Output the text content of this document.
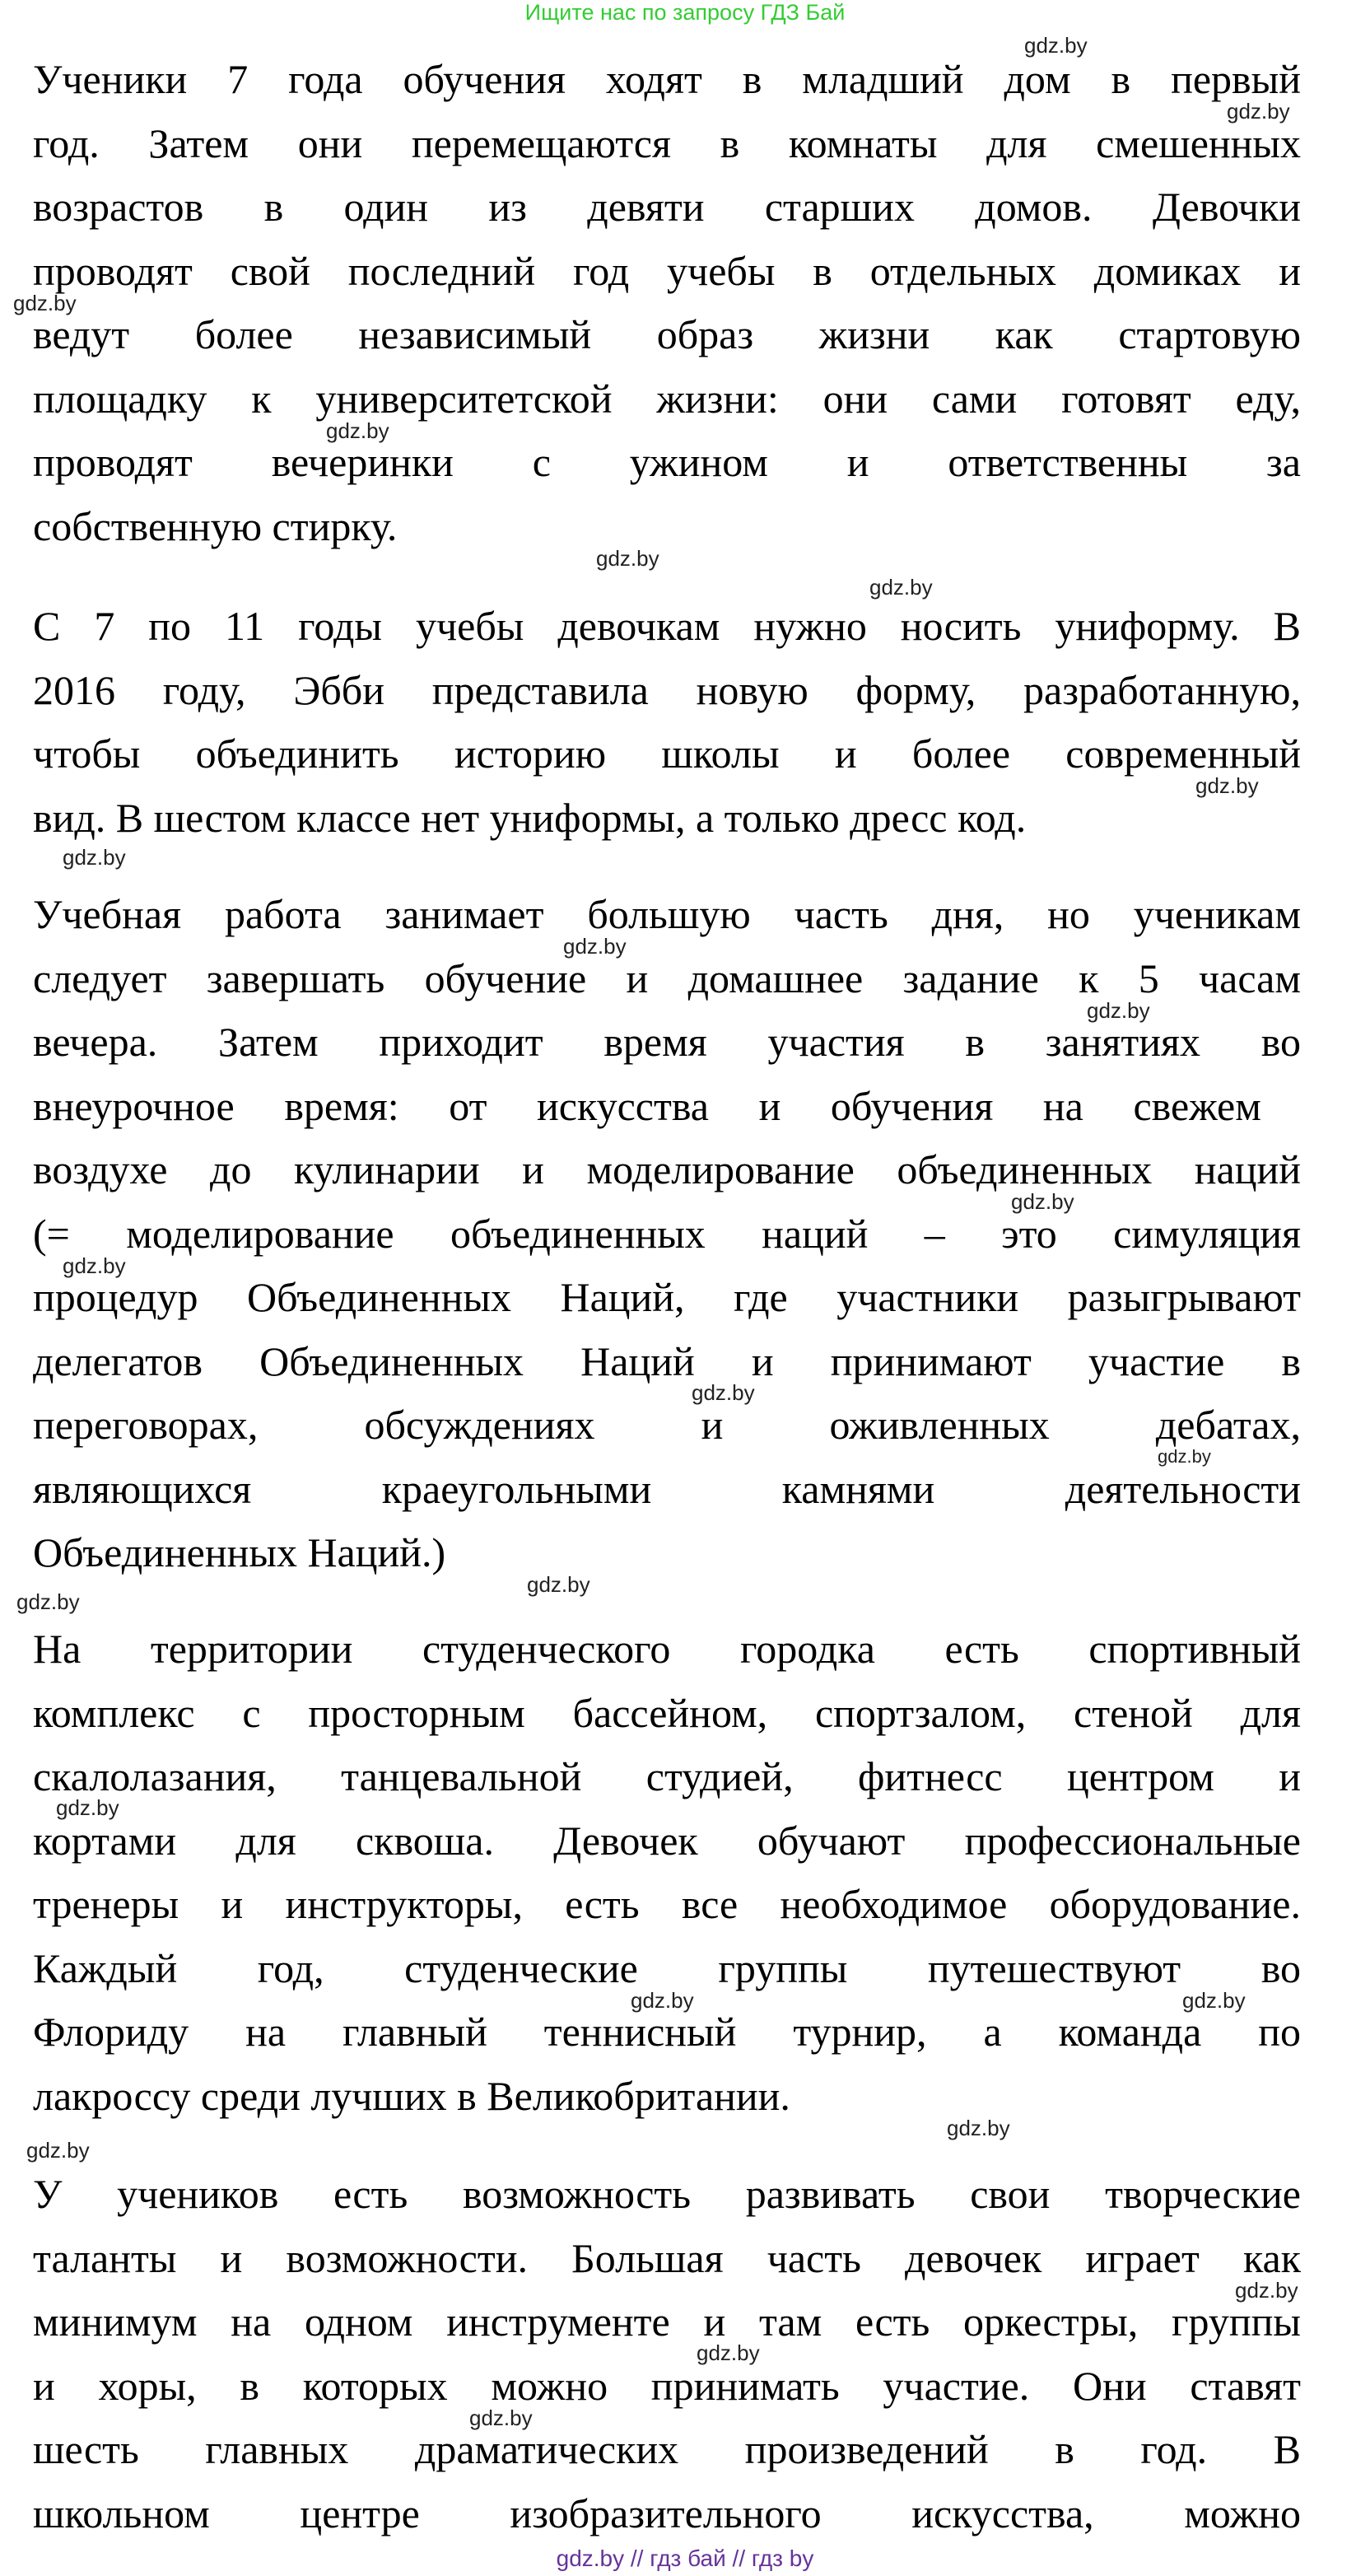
Ищите нас по запросу ГДЗ Бай
Ученики 7 года обучения ходят в младший дом в первый
год. Затем они перемещаются в комнаты для смешенных
возрастов в один из девяти старших домов. Девочки
проводят свой последний год учебы в отдельных домиках и
ведут более независимый образ жизни как стартовую
площадку к университетской жизни: они сами готовят еду,
проводят вечеринки с ужином и ответственны за
собственную стирку.
С 7 по 11 годы учебы девочкам нужно носить униформу. В
2016 году, Эбби представила новую форму, разработанную,
чтобы объединить историю школы и более современный
вид. В шестом классе нет униформы, а только дресс код.
Учебная работа занимает большую часть дня, но ученикам
следует завершать обучение и домашнее задание к 5 часам
вечера. Затем приходит время участия в занятиях во
внеурочное время: от искусства и обучения на свежем
воздухе до кулинарии и моделирование объединенных наций
(= моделирование объединенных наций – это симуляция
процедур Объединенных Наций, где участники разыгрывают
делегатов Объединенных Наций и принимают участие в
переговорах, обсуждениях и оживленных дебатах,
являющихся краеугольными камнями деятельности
Объединенных Наций.)
На территории студенческого городка есть спортивный
комплекс с просторным бассейном, спортзалом, стеной для
скалолазания, танцевальной студией, фитнесс центром и
кортами для сквоша. Девочек обучают профессиональные
тренеры и инструкторы, есть все необходимое оборудование.
Каждый год, студенческие группы путешествуют во
Флориду на главный теннисный турнир, а команда по
лакроссу среди лучших в Великобритании.
У учеников есть возможность развивать свои творческие
таланты и возможности. Большая часть девочек играет как
минимум на одном инструменте и там есть оркестры, группы
и хоры, в которых можно принимать участие. Они ставят
шесть главных драматических произведений в год. В
школьном центре изобразительного искусства, можно
gdz.by
gdz.by
gdz.by
gdz.by
gdz.by
gdz.by
gdz.by
gdz.by
gdz.by
gdz.by
gdz.by
gdz.by
gdz.by
gdz.by
gdz.by
gdz.by
gdz.by
gdz.by
gdz.by
gdz.by
gdz.by
gdz.by
gdz.by
gdz.by
gdz.by // гдз бай // гдз by
